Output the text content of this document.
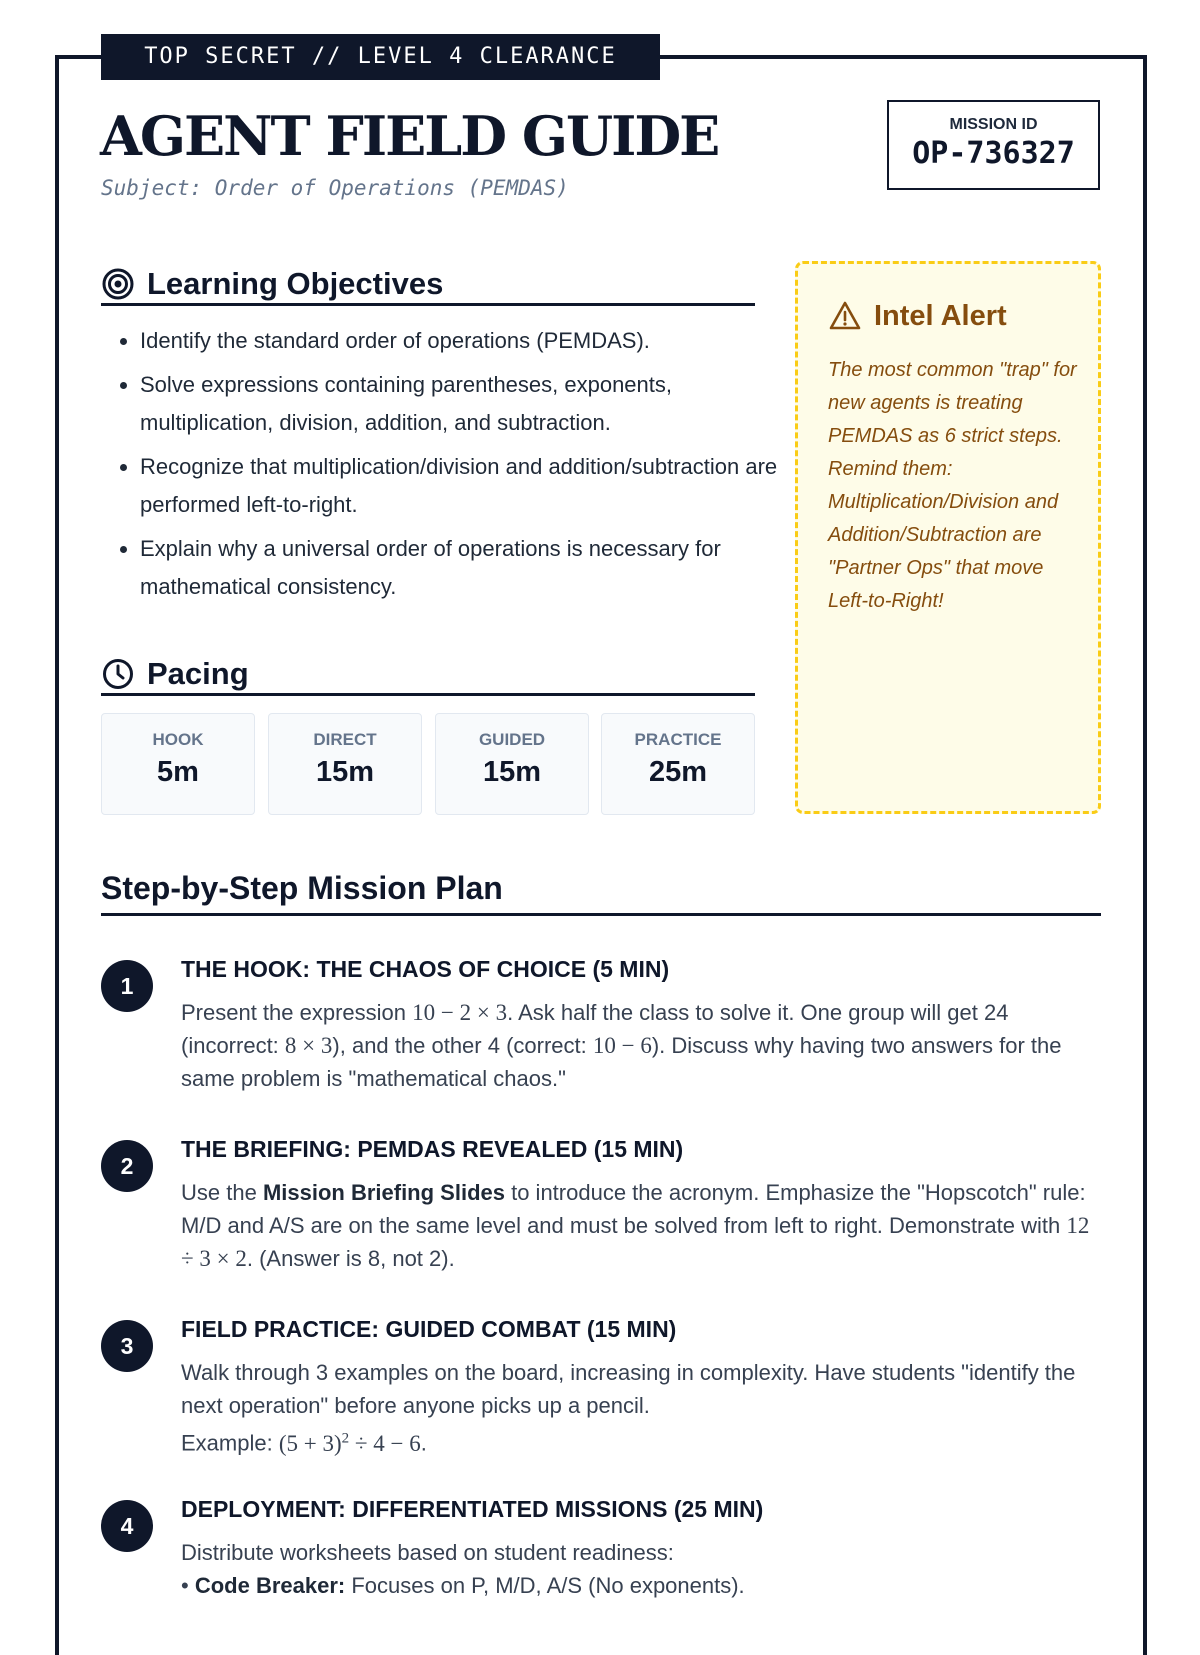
TOP SECRET // LEVEL 4 CLEARANCE
AGENT FIELD GUIDE
Subject: Order of Operations (PEMDAS)
MISSION ID
OP-736327
Learning Objectives
• Identify the standard order of operations (PEMDAS).
• Solve expressions containing parentheses, exponents, multiplication, division, addition, and subtraction.
• Recognize that multiplication/division and addition/subtraction are performed left-to-right.
• Explain why a universal order of operations is necessary for mathematical consistency.
Pacing
HOOK
5m
DIRECT
15m
GUIDED
15m
PRACTICE
25m
Intel Alert
The most common "trap" for new agents is treating PEMDAS as 6 strict steps. Remind them: Multiplication/Division and Addition/Subtraction are "Partner Ops" that move Left-to-Right!
Step-by-Step Mission Plan
1
THE HOOK: THE CHAOS OF CHOICE (5 MIN)
Present the expression 10 − 2 × 3. Ask half the class to solve it. One group will get 24 (incorrect: 8 × 3), and the other 4 (correct: 10 − 6). Discuss why having two answers for the same problem is "mathematical chaos."
2
THE BRIEFING: PEMDAS REVEALED (15 MIN)
Use the Mission Briefing Slides to introduce the acronym. Emphasize the "Hopscotch" rule: M/D and A/S are on the same level and must be solved from left to right. Demonstrate with 12 ÷ 3 × 2. (Answer is 8, not 2).
3
FIELD PRACTICE: GUIDED COMBAT (15 MIN)
Walk through 3 examples on the board, increasing in complexity. Have students "identify the next operation" before anyone picks up a pencil.
Example: $(5 + 3)^2 \div 4 - 6$.
4
DEPLOYMENT: DIFFERENTIATED MISSIONS (25 MIN)
Distribute worksheets based on student readiness:
• Code Breaker: Focuses on P, M/D, A/S (No exponents).
